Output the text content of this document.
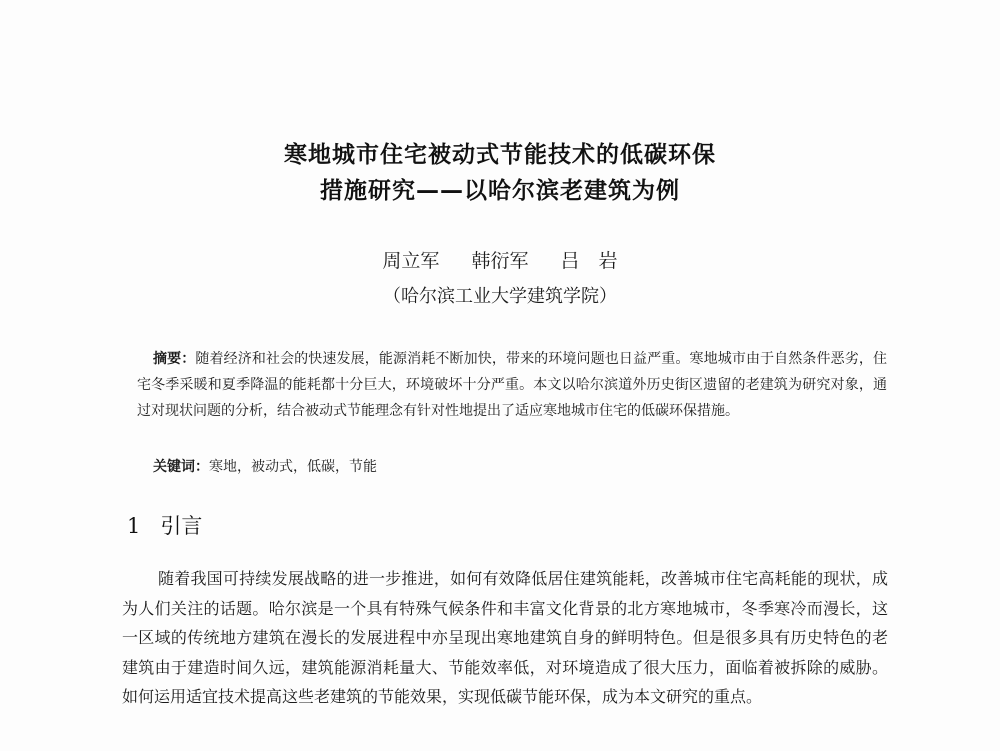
寒地城市住宅被动式节能技术的低碳环保
措施研究——以哈尔滨老建筑为例
周立军 韩衍军 吕　岩
（哈尔滨工业大学建筑学院）
摘要：随着经济和社会的快速发展，能源消耗不断加快，带来的环境问题也日益严重。寒地城市由于自然条件恶劣，住宅冬季采暖和夏季降温的能耗都十分巨大，环境破坏十分严重。本文以哈尔滨道外历史街区遗留的老建筑为研究对象，通过对现状问题的分析，结合被动式节能理念有针对性地提出了适应寒地城市住宅的低碳环保措施。
关键词：寒地，被动式，低碳，节能
1 引言
随着我国可持续发展战略的进一步推进，如何有效降低居住建筑能耗，改善城市住宅高耗能的现状，成为人们关注的话题。哈尔滨是一个具有特殊气候条件和丰富文化背景的北方寒地城市，冬季寒冷而漫长，这一区域的传统地方建筑在漫长的发展进程中亦呈现出寒地建筑自身的鲜明特色。但是很多具有历史特色的老建筑由于建造时间久远，建筑能源消耗量大、节能效率低，对环境造成了很大压力，面临着被拆除的威胁。如何运用适宜技术提高这些老建筑的节能效果，实现低碳节能环保，成为本文研究的重点。
